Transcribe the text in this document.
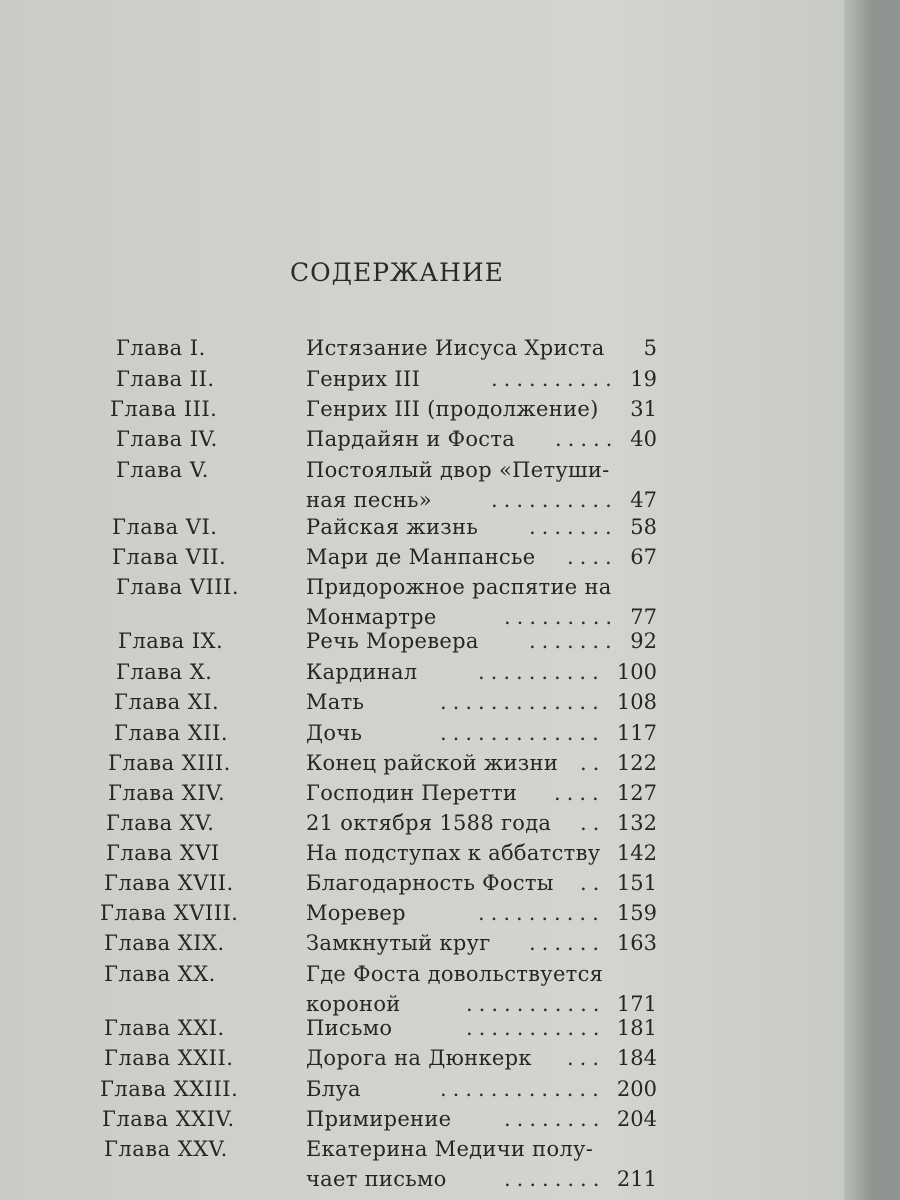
СОДЕРЖАНИЕ
Глава I.	Истязание Иисуса Христа 5
Глава II.	Генрих III	19
..........
Глава III.	Генрих III (продолжение) 31
Глава IV.	Пардайян и Фоста	40
.....
Глава V.	Постоялый двор «Петуши-
ная песнь»	47
..........
Глава VI.	Райская жизнь	58
.......
Глава VII.	Мари де Манпансье	67
....
Глава VIII.	Придорожное распятие на
Монмартре	77
.........
Глава IX.	Речь Моревера	92
.......
Глава X.	Кардинал	100
..........
Глава XI.	Мать	108
.............
Глава XII.	Дочь	117
.............
Глава XIII.	Конец райской жизни	122
..
Глава XIV.	Господин Перетти	127
....
Глава XV.	21 октября 1588 года	132
..
Глава XVI	На подступах к аббатству 142
Глава XVII.	Благодарность Фосты	151
..
Глава XVIII.	Моревер	159
..........
Глава XIX.	Замкнутый круг	163
......
Глава XX.	Где Фоста довольствуется
короной	171
...........
Глава XXI.	Письмо	181
...........
Глава XXII.	Дорога на Дюнкерк	184
...
Глава XXIII.	Блуа	200
.............
Глава XXIV.	Примирение	204
........
Глава XXV.	Екатерина Медичи полу-
чает письмо	211
........
